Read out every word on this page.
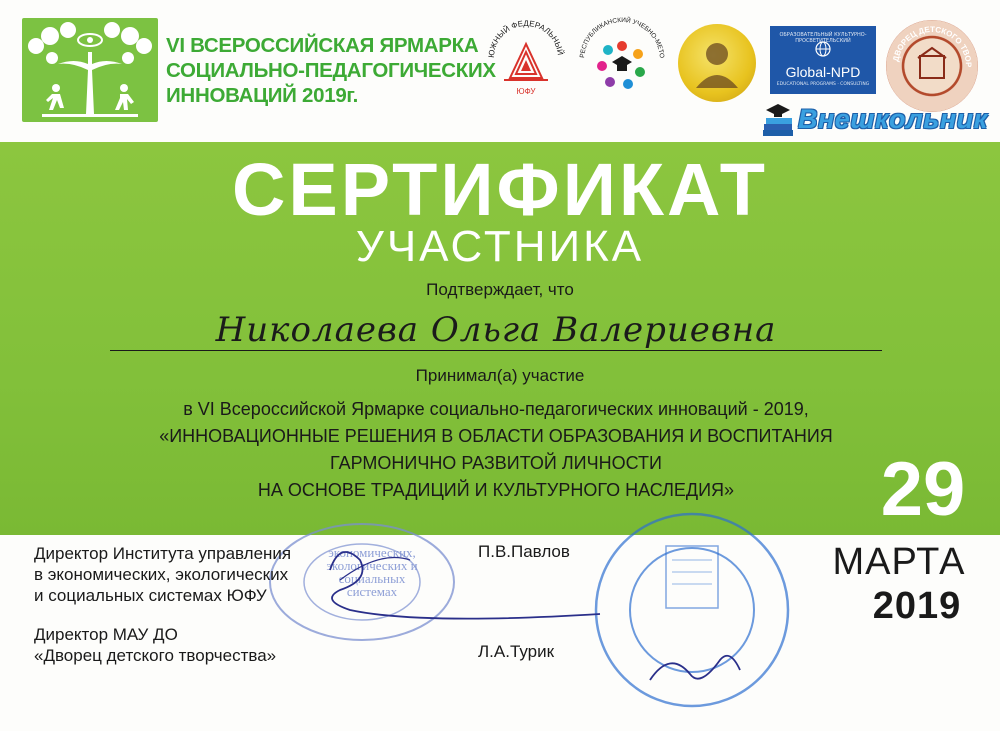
VI ВСЕРОССИЙСКАЯ ЯРМАРКА
СОЦИАЛЬНО-ПЕДАГОГИЧЕСКИХ
ИННОВАЦИЙ 2019г.
ЮЖНЫЙ ФЕДЕРАЛЬНЫЙ
ЮФУ
РЕСПУБЛИКАНСКИЙ УЧЕБНО-МЕТО
ОБРАЗОВАТЕЛЬНЫЙ КУЛЬТУРНО-ПРОСВЕТИТЕЛЬСКИЙ
Global-NPD
EDUCATIONAL PROGRAMS · CONSULTING
ДВОРЕЦ ДЕТСКОГО ТВОР
Внешкольник
СЕРТИФИКАТ
УЧАСТНИКА
Подтверждает, что
Николаева Ольга Валериевна
Принимал(а) участие
в VI Всероссийской Ярмарке социально-педагогических инноваций - 2019,
«ИННОВАЦИОННЫЕ РЕШЕНИЯ В ОБЛАСТИ ОБРАЗОВАНИЯ И ВОСПИТАНИЯ
ГАРМОНИЧНО РАЗВИТОЙ ЛИЧНОСТИ
НА ОСНОВЕ ТРАДИЦИЙ И КУЛЬТУРНОГО НАСЛЕДИЯ»	29
МАРТА
2019
экономических,
экологических и
социальных
системах
Директор Института управления
в экономических, экологических
и социальных системах ЮФУ
П.В.Павлов
Директор МАУ ДО
«Дворец детского творчества»	Л.А.Турик
